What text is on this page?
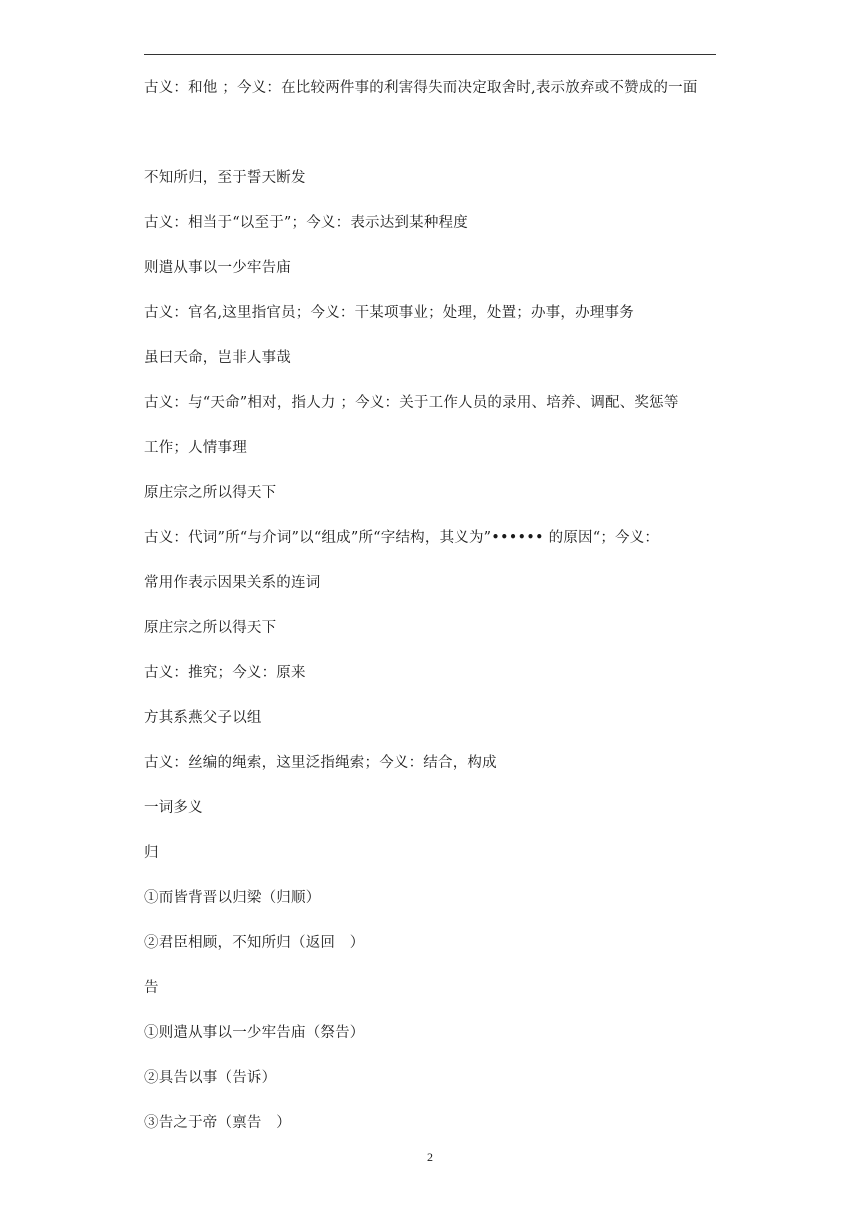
古义：和他 ；今义：在比较两件事的利害得失而决定取舍时,表示放弃或不赞成的一面
不知所归，至于誓天断发
古义：相当于“以至于”；今义：表示达到某种程度
则遣从事以一少牢告庙
古义：官名,这里指官员；今义：干某项事业；处理，处置；办事，办理事务
虽曰天命，岂非人事哉
古义：与“天命”相对，指人力 ；今义：关于工作人员的录用、培养、调配、奖惩等
工作；人情事理
原庄宗之所以得天下
古义：代词”所“与介词”以“组成”所“字结构，其义为”•••••• 的原因“；今义：
常用作表示因果关系的连词
原庄宗之所以得天下
古义：推究；今义：原来
方其系燕父子以组
古义：丝编的绳索，这里泛指绳索；今义：结合，构成
一词多义
归
①而皆背晋以归梁（归顺）
②君臣相顾，不知所归（返回　）
告
①则遣从事以一少牢告庙（祭告）
②具告以事（告诉）
③告之于帝（禀告　）
2
